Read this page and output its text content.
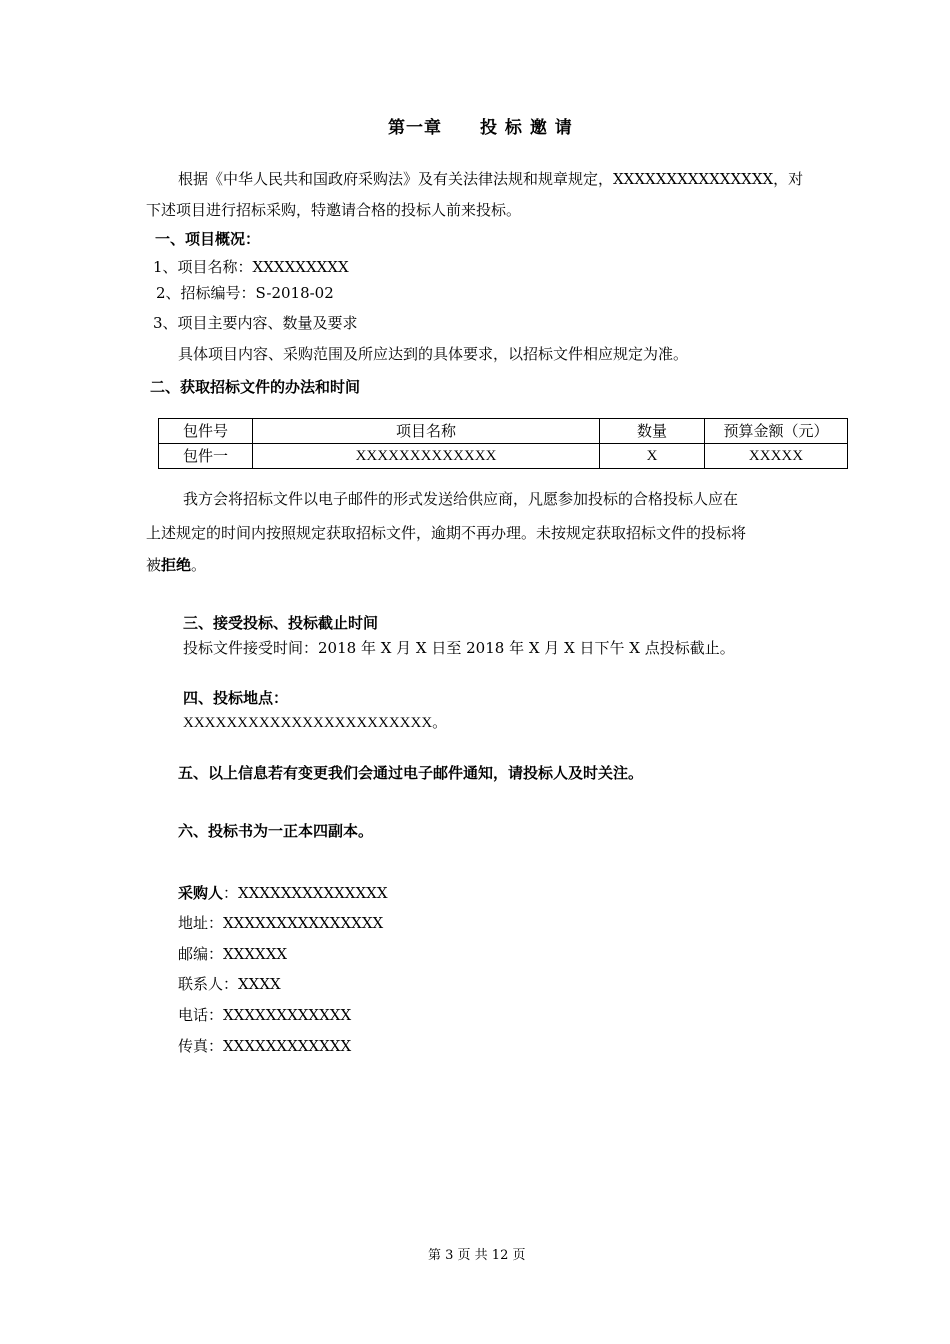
第一章 投 标 邀 请
根据《中华人民共和国政府采购法》及有关法律法规和规章规定，XXXXXXXXXXXXXXX，对
下述项目进行招标采购，特邀请合格的投标人前来投标。
一、项目概况：
1、项目名称：XXXXXXXXX
2、招标编号：S-2018-02
3、项目主要内容、数量及要求
具体项目内容、采购范围及所应达到的具体要求，以招标文件相应规定为准。
二、获取招标文件的办法和时间
包件号	项目名称	数量	预算金额（元）
包件一	XXXXXXXXXXXXX	X	XXXXX
我方会将招标文件以电子邮件的形式发送给供应商，凡愿参加投标的合格投标人应在
上述规定的时间内按照规定获取招标文件，逾期不再办理。未按规定获取招标文件的投标将
被拒绝。
三、接受投标、投标截止时间
投标文件接受时间：2018 年 X 月 X 日至 2018 年 X 月 X 日下午 X 点投标截止。
四、投标地点：
XXXXXXXXXXXXXXXXXXXXXXX。
五、以上信息若有变更我们会通过电子邮件通知，请投标人及时关注。
六、投标书为一正本四副本。
采购人：XXXXXXXXXXXXXX
地址：XXXXXXXXXXXXXXX
邮编：XXXXXX
联系人：XXXX
电话：XXXXXXXXXXXX
传真：XXXXXXXXXXXX
第 3 页 共 12 页
